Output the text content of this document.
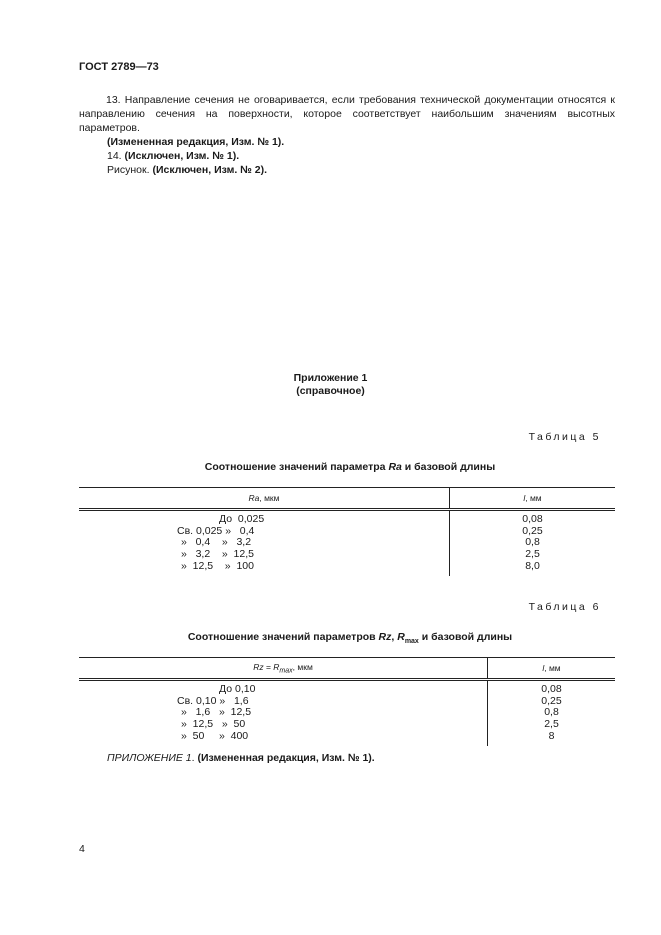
ГОСТ 2789—73
13. Направление сечения не оговаривается, если требования технической документации относятся к направлению сечения на поверхности, которое соответствует наибольшим значениям высотных параметров.
(Измененная редакция, Изм. № 1).
14. (Исключен, Изм. № 1).
Рисунок. (Исключен, Изм. № 2).
Приложение 1
(справочное)
Таблица 5
Соотношение значений параметра Ra и базовой длины
Ra, мкм	l, мм
До  0,025	0,08
Св. 0,025 »   0,4	0,25
»   0,4    »   3,2	0,8
»   3,2    »  12,5	2,5
»  12,5    »  100	8,0
Таблица 6
Соотношение значений параметров Rz, $R_{max}$ и базовой длины
$Rz = R_{max}$, мкм	l, мм
До 0,10	0,08
Св. 0,10 »   1,6	0,25
»   1,6   »  12,5	0,8
»  12,5   »  50	2,5
»  50     »  400	8
ПРИЛОЖЕНИЕ 1. (Измененная редакция, Изм. № 1).
4
